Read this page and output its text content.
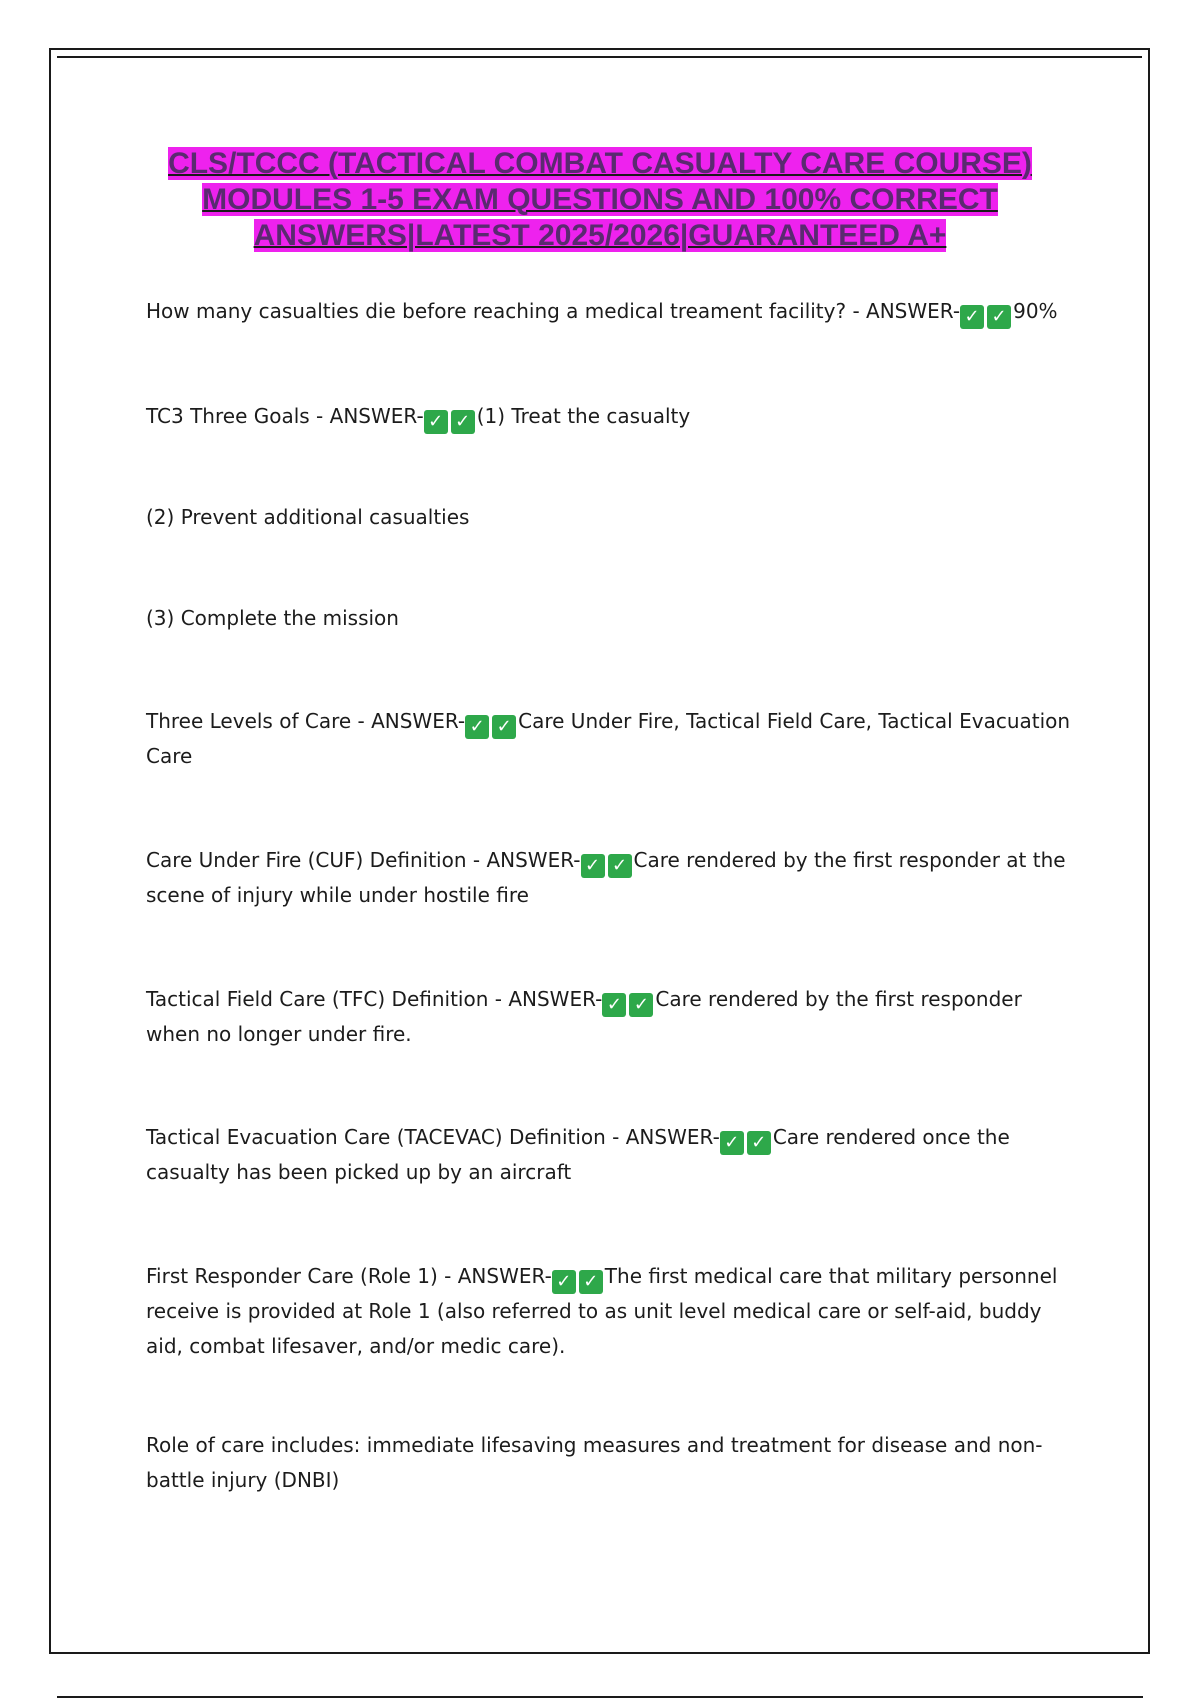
CLS/TCCC (TACTICAL COMBAT CASUALTY CARE COURSE) MODULES 1-5 EXAM QUESTIONS AND 100% CORRECT ANSWERS|LATEST 2025/2026|GUARANTEED A+

How many casualties die before reaching a medical treament facility? - ANSWER- ✓ ✓ 90%

TC3 Three Goals - ANSWER- ✓ ✓ (1) Treat the casualty

(2) Prevent additional casualties

(3) Complete the mission

Three Levels of Care - ANSWER- ✓ ✓ Care Under Fire, Tactical Field Care, Tactical Evacuation Care

Care Under Fire (CUF) Definition - ANSWER- ✓ ✓ Care rendered by the first responder at the scene of injury while under hostile fire

Tactical Field Care (TFC) Definition - ANSWER- ✓ ✓ Care rendered by the first responder when no longer under fire.

Tactical Evacuation Care (TACEVAC) Definition - ANSWER- ✓ ✓ Care rendered once the casualty has been picked up by an aircraft

First Responder Care (Role 1) - ANSWER- ✓ ✓ The first medical care that military personnel receive is provided at Role 1 (also referred to as unit level medical care or self-aid, buddy aid, combat lifesaver, and/or medic care).

Role of care includes: immediate lifesaving measures and treatment for disease and non-battle injury (DNBI)
